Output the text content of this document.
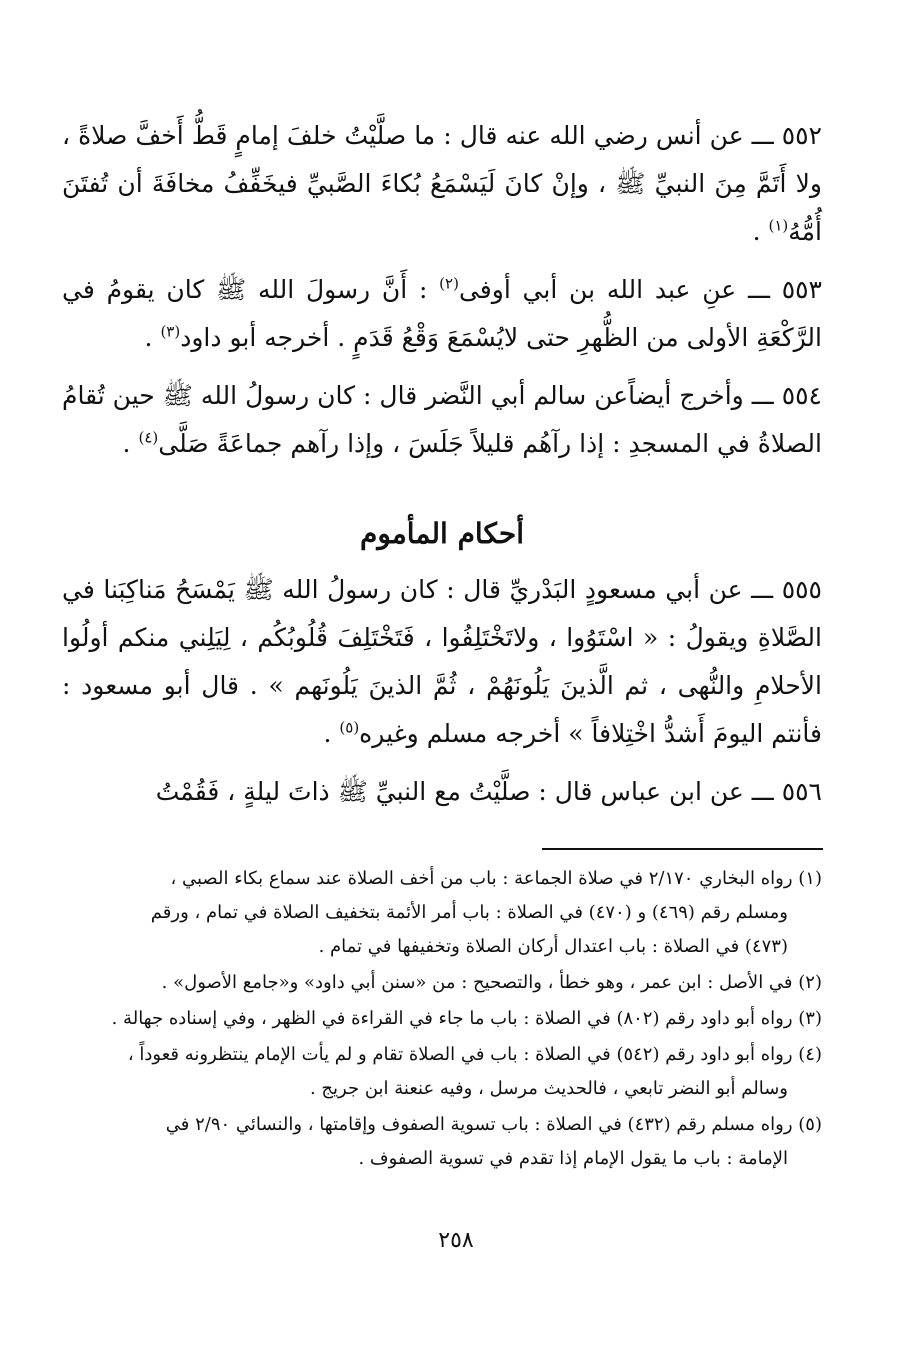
٥٥٢ ـــ عن أنس رضي الله عنه قال : ما صلَّيْتُ خلفَ إمامٍ قَطُّ أَخفَّ صلاةً ، ولا أَتَمَّ مِنَ النبيِّ ﷺ ، وإنْ كانَ لَيَسْمَعُ بُكاءَ الصَّبيِّ فيخَفِّفُ مخافَةَ أن تُفتَنَ أُمُّهُ$^{(١)}$ .

٥٥٣ ـــ عنِ عبد الله بن أبي أوفى$^{(٢)}$ : أَنَّ رسولَ الله ﷺ كان يقومُ في الرَّكْعَةِ الأولى من الظُّهرِ حتى لايُسْمَعَ وَقْعُ قَدَمٍ . أخرجه أبو داود$^{(٣)}$ .

٥٥٤ ـــ وأخرج أيضاًعن سالم أبي النَّضر قال : كان رسولُ الله ﷺ حين تُقامُ الصلاةُ في المسجدِ : إذا رآهُم قليلاً جَلَسَ ، وإذا رآهم جماعَةً صَلَّى$^{(٤)}$ .

أحكام المأموم

٥٥٥ ـــ عن أبي مسعودٍ البَدْريِّ قال : كان رسولُ الله ﷺ يَمْسَحُ مَناكِبَنا في الصَّلاةِ ويقولُ : « اسْتَوُوا ، ولاتَخْتَلِفُوا ، فَتَخْتَلِفَ قُلُوبُكُم ، لِيَلِني منكم أولُوا الأحلامِ والنُّهى ، ثم الَّذينَ يَلُونَهُمْ ، ثُمَّ الذينَ يَلُونَهم » . قال أبو مسعود : فأنتم اليومَ أَشدُّ اخْتِلافاً » أخرجه مسلم وغيره$^{(٥)}$ .

٥٥٦ ـــ عن ابن عباس قال : صلَّيْتُ مع النبيِّ ﷺ ذاتَ ليلةٍ ، فَقُمْتُ

(١) رواه البخاري ٢/١٧٠ في صلاة الجماعة : باب من أخف الصلاة عند سماع بكاء الصبي ،
ومسلم رقم (٤٦٩) و (٤٧٠) في الصلاة : باب أمر الأئمة بتخفيف الصلاة في تمام ، ورقم
(٤٧٣) في الصلاة : باب اعتدال أركان الصلاة وتخفيفها في تمام .
(٢) في الأصل : ابن عمر ، وهو خطأ ، والتصحيح : من «سنن أبي داود» و«جامع الأصول» .
(٣) رواه أبو داود رقم (٨٠٢) في الصلاة : باب ما جاء في القراءة في الظهر ، وفي إسناده جهالة .
(٤) رواه أبو داود رقم (٥٤٢) في الصلاة : باب في الصلاة تقام و لم يأت الإمام ينتظرونه قعوداً ،
وسالم أبو النضر تابعي ، فالحديث مرسل ، وفيه عنعنة ابن جريج .
(٥) رواه مسلم رقم (٤٣٢) في الصلاة : باب تسوية الصفوف وإقامتها ، والنسائي ٢/٩٠ في
الإمامة : باب ما يقول الإمام إذا تقدم في تسوية الصفوف .
٢٥٨
